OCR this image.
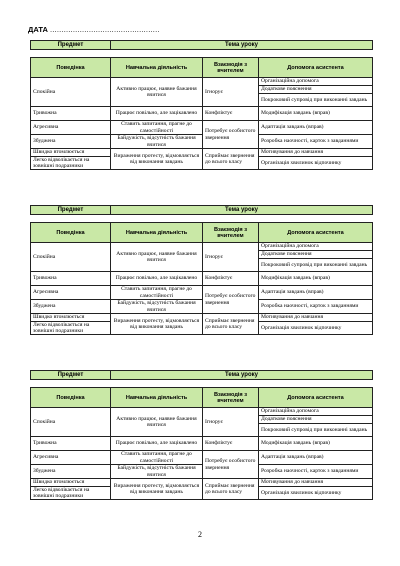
ДАТА ................................................
Предмет	Тема уроку		

Поведінка	Навчальна діяльність	Взаємодія з вчителем	Допомога асистента
Спокійна	Активно працює, наявне бажання вчитися	Ігнорує	Організаційна допомога
			Додаткове пояснення
			Покроковий супровід при виконанні завдань
Тривожна	Працює повільно, але зацікавлено	Конфліктує	Модифікація завдань (вправ)
Агресивна	Ставить запитання, прагне до самостійності	Потребує особистого звернення	Адаптація завдань (вправ)
Збуджена	Байдужість, відсутність бажання вчитися		Розробка наочності, карток з завданнями
Швидко втомлюється	Вираження протесту, відмовляється від виконання завдань	Сприймає звернення до всього класу	Мотивування до навчання
Легко відволікається на зовнішні подразники			Організація хвилинок відпочинку
Предмет	Тема уроку		

Поведінка	Навчальна діяльність	Взаємодія з вчителем	Допомога асистента
Спокійна	Активно працює, наявне бажання вчитися	Ігнорує	Організаційна допомога
			Додаткове пояснення
			Покроковий супровід при виконанні завдань
Тривожна	Працює повільно, але зацікавлено	Конфліктує	Модифікація завдань (вправ)
Агресивна	Ставить запитання, прагне до самостійності	Потребує особистого звернення	Адаптація завдань (вправ)
Збуджена	Байдужість, відсутність бажання вчитися		Розробка наочності, карток з завданнями
Швидко втомлюється	Вираження протесту, відмовляється від виконання завдань	Сприймає звернення до всього класу	Мотивування до навчання
Легко відволікається на зовнішні подразники			Організація хвилинок відпочинку
Предмет	Тема уроку		

Поведінка	Навчальна діяльність	Взаємодія з вчителем	Допомога асистента
Спокійна	Активно працює, наявне бажання вчитися	Ігнорує	Організаційна допомога
			Додаткове пояснення
			Покроковий супровід при виконанні завдань
Тривожна	Працює повільно, але зацікавлено	Конфліктує	Модифікація завдань (вправ)
Агресивна	Ставить запитання, прагне до самостійності	Потребує особистого звернення	Адаптація завдань (вправ)
Збуджена	Байдужість, відсутність бажання вчитися		Розробка наочності, карток з завданнями
Швидко втомлюється	Вираження протесту, відмовляється від виконання завдань	Сприймає звернення до всього класу	Мотивування до навчання
Легко відволікається на зовнішні подразники			Організація хвилинок відпочинку
2
